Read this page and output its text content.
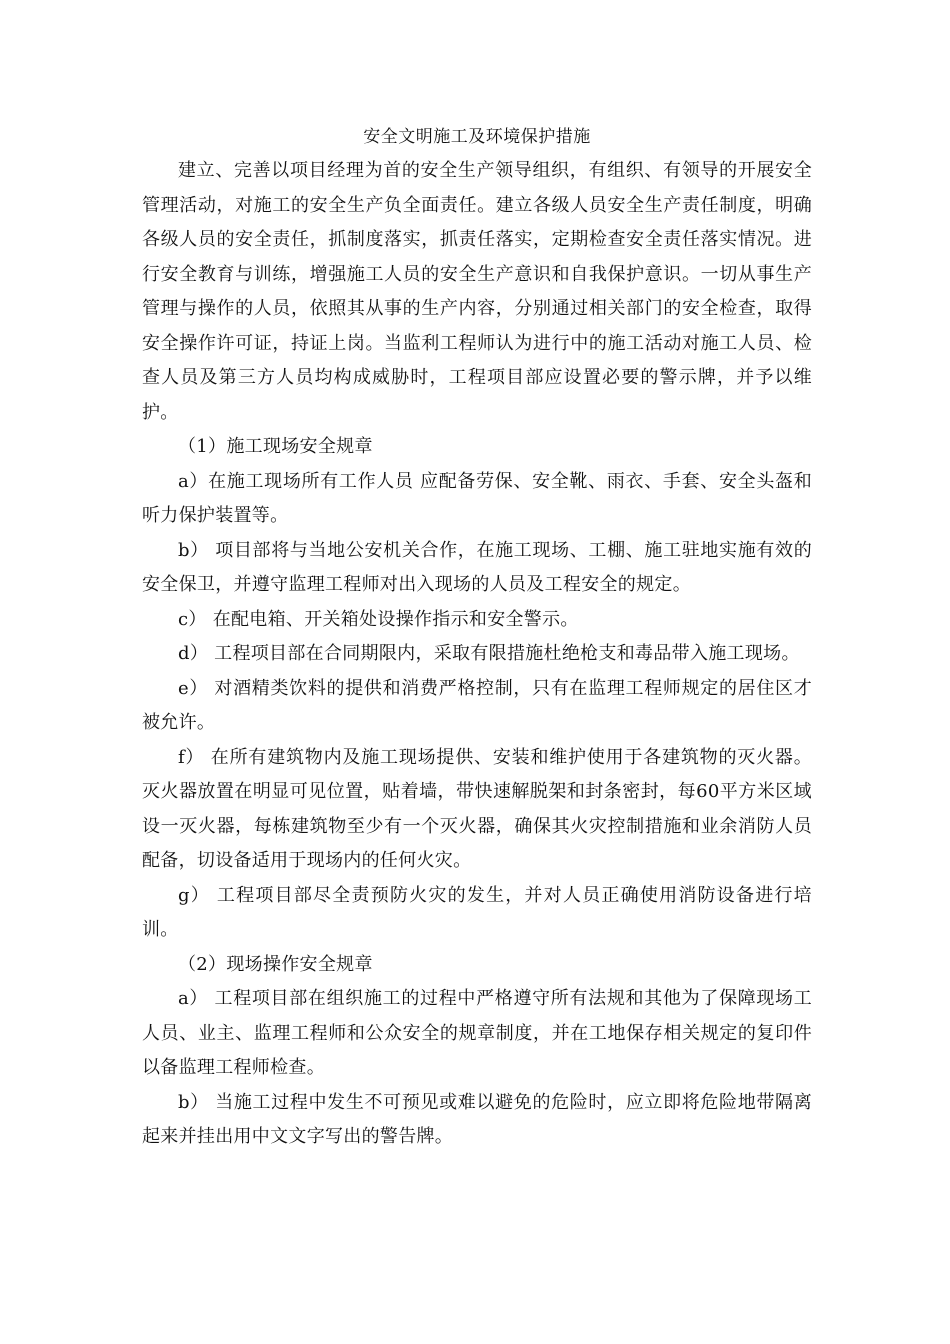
安全文明施工及环境保护措施

建立、完善以项目经理为首的安全生产领导组织，有组织、有领导的开展安全管理活动，对施工的安全生产负全面责任。建立各级人员安全生产责任制度，明确各级人员的安全责任，抓制度落实，抓责任落实，定期检查安全责任落实情况。进行安全教育与训练，增强施工人员的安全生产意识和自我保护意识。一切从事生产管理与操作的人员，依照其从事的生产内容，分别通过相关部门的安全检查，取得安全操作许可证，持证上岗。当监利工程师认为进行中的施工活动对施工人员、检查人员及第三方人员均构成威胁时，工程项目部应设置必要的警示牌，并予以维护。

（1）施工现场安全规章

a）在施工现场所有工作人员 应配备劳保、安全靴、雨衣、手套、安全头盔和听力保护装置等。

b） 项目部将与当地公安机关合作，在施工现场、工棚、施工驻地实施有效的安全保卫，并遵守监理工程师对出入现场的人员及工程安全的规定。

c） 在配电箱、开关箱处设操作指示和安全警示。

d） 工程项目部在合同期限内，采取有限措施杜绝枪支和毒品带入施工现场。

e） 对酒精类饮料的提供和消费严格控制，只有在监理工程师规定的居住区才被允许。

f） 在所有建筑物内及施工现场提供、安装和维护使用于各建筑物的灭火器。灭火器放置在明显可见位置，贴着墙，带快速解脱架和封条密封，每60平方米区域设一灭火器，每栋建筑物至少有一个灭火器，确保其火灾控制措施和业余消防人员配备，切设备适用于现场内的任何火灾。

g） 工程项目部尽全责预防火灾的发生，并对人员正确使用消防设备进行培训。

（2）现场操作安全规章

a） 工程项目部在组织施工的过程中严格遵守所有法规和其他为了保障现场工人员、业主、监理工程师和公众安全的规章制度，并在工地保存相关规定的复印件以备监理工程师检查。

b） 当施工过程中发生不可预见或难以避免的危险时，应立即将危险地带隔离起来并挂出用中文文字写出的警告牌。
